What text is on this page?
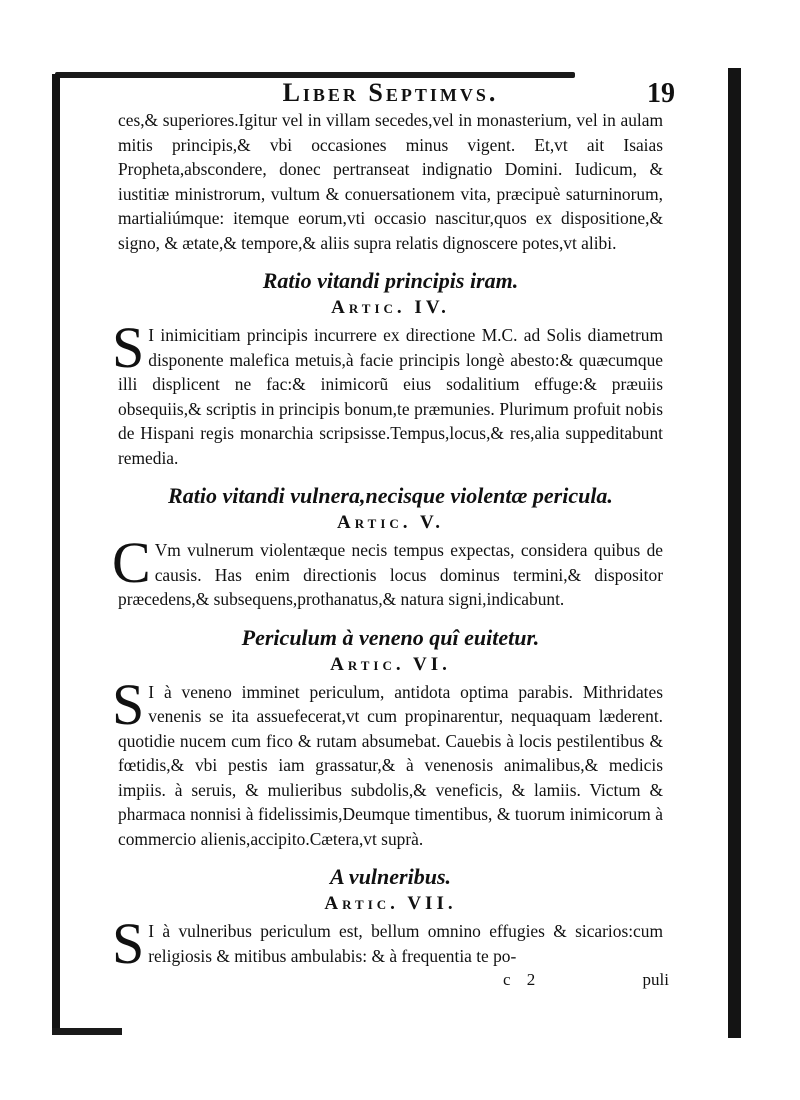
Liber Septimvs.	19

ces,& superiores.Igitur vel in villam secedes,vel in monasterium, vel in aulam mitis principis,& vbi occasiones minus vigent. Et,vt ait Isaias Propheta,abscondere, donec pertranseat indignatio Domini. Iudicum, & iustitiæ ministrorum, vultum & conuersationem vita, præcipuè saturninorum, martialiúmque: itemque eorum,vti occasio nascitur,quos ex dispositione,& signo, & ætate,& tempore,& aliis supra relatis dignoscere potes,vt alibi.

Ratio vitandi principis iram.
Artic. IV.

S I inimicitiam principis incurrere ex directione M.C. ad Solis diametrum disponente malefica metuis,à facie principis longè abesto:& quæcumque illi displicent ne fac:& inimicorũ eius sodalitium effuge:& præuiis obsequiis,& scriptis in principis bonum,te præmunies. Plurimum profuit nobis de Hispani regis monarchia scripsisse.Tempus,locus,& res,alia suppeditabunt remedia.

Ratio vitandi vulnera,necisque violentæ pericula.
Artic. V.

C Vm vulnerum violentæque necis tempus expectas, considera quibus de causis. Has enim directionis locus dominus termini,& dispositor præcedens,& subsequens,prothanatus,& natura signi,indicabunt.

Periculum à veneno quî euitetur.
Artic. VI.

S I à veneno imminet periculum, antidota optima parabis. Mithridates venenis se ita assuefecerat,vt cum propinarentur, nequaquam læderent. quotidie nucem cum fico & rutam absumebat. Cauebis à locis pestilentibus & fœtidis,& vbi pestis iam grassatur,& à venenosis animalibus,& medicis impiis. à seruis, & mulieribus subdolis,& veneficis, & lamiis. Victum & pharmaca nonnisi à fidelissimis,Deumque timentibus, & tuorum inimicorum à commercio alienis,accipito.Cætera,vt suprà.

A vulneribus.
Artic. VII.

S I à vulneribus periculum est, bellum omnino effugies & sicarios:cum religiosis & mitibus ambulabis: & à frequentia te po-

c 2	puli
